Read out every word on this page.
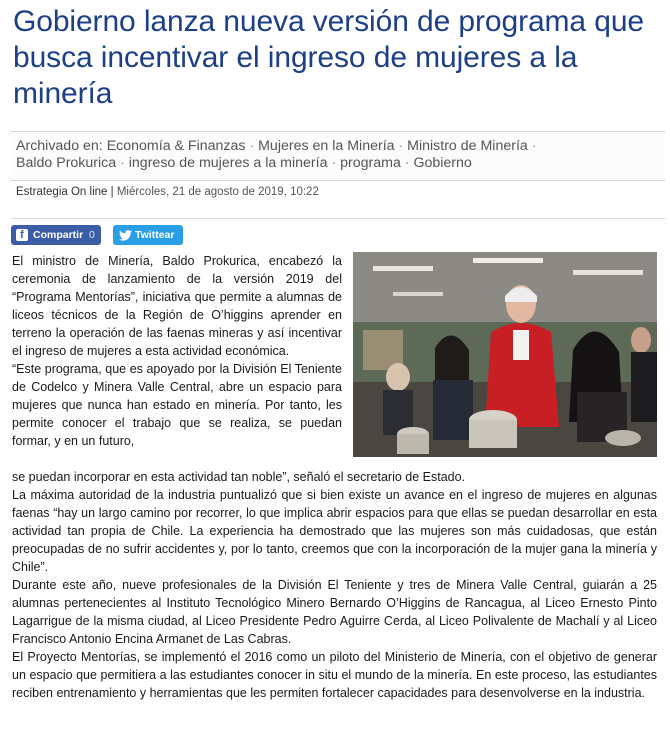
Gobierno lanza nueva versión de programa que busca incentivar el ingreso de mujeres a la minería
Archivado en: Economía & Finanzas · Mujeres en la Minería · Ministro de Minería ·
Baldo Prokurica · ingreso de mujeres a la minería · programa · Gobierno
Estrategia On line | Miércoles, 21 de agosto de 2019, 10:22
f Compartir 0	Twittear

El ministro de Minería, Baldo Prokurica, encabezó la ceremonia de lanzamiento de la versión 2019 del “Programa Mentorías”, iniciativa que permite a alumnas de liceos técnicos de la Región de O’higgins aprender en terreno la operación de las faenas mineras y así incentivar el ingreso de mujeres a esta actividad económica.

“Este programa, que es apoyado por la División El Teniente de Codelco y Minera Valle Central, abre un espacio para mujeres que nunca han estado en minería. Por tanto, les permite conocer el trabajo que se realiza, se puedan formar, y en un futuro,

se puedan incorporar en esta actividad tan noble”, señaló el secretario de Estado.

La máxima autoridad de la industria puntualizó que si bien existe un avance en el ingreso de mujeres en algunas faenas “hay un largo camino por recorrer, lo que implica abrir espacios para que ellas se puedan desarrollar en esta actividad tan propia de Chile. La experiencia ha demostrado que las mujeres son más cuidadosas, que están preocupadas de no sufrir accidentes y, por lo tanto, creemos que con la incorporación de la mujer gana la minería y Chile”.

Durante este año, nueve profesionales de la División El Teniente y tres de Minera Valle Central, guiarán a 25 alumnas pertenecientes al Instituto Tecnológico Minero Bernardo O’Higgins de Rancagua, al Liceo Ernesto Pinto Lagarrigue de la misma ciudad, al Liceo Presidente Pedro Aguirre Cerda, al Liceo Polivalente de Machalí y al Liceo Francisco Antonio Encina Armanet de Las Cabras.

El Proyecto Mentorías, se implementó el 2016 como un piloto del Ministerio de Minería, con el objetivo de generar un espacio que permitiera a las estudiantes conocer in situ el mundo de la minería. En este proceso, las estudiantes reciben entrenamiento y herramientas que les permiten fortalecer capacidades para desenvolverse en la industria.
